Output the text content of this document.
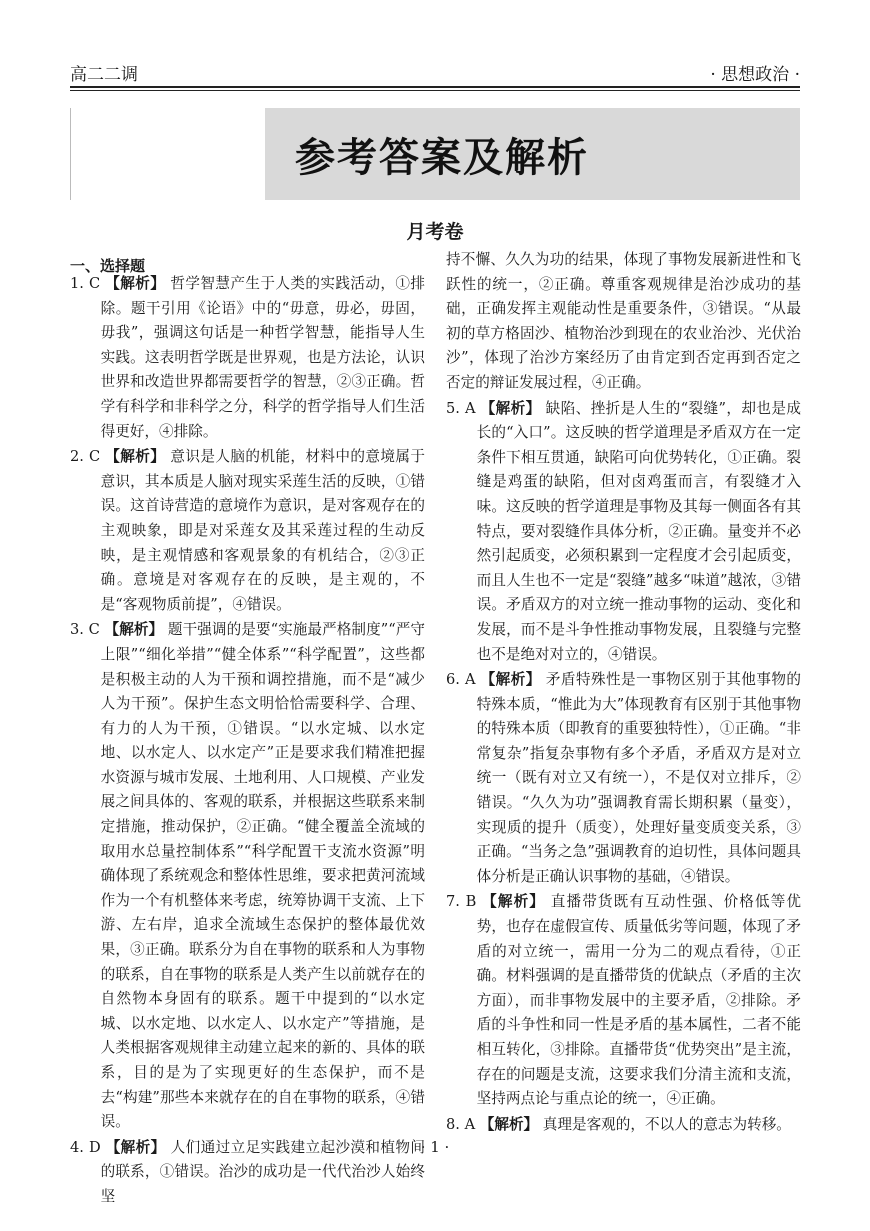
高二二调	· 思想政治 ·
参考答案及解析
月考卷
一、选择题

1. C 【解析】 哲学智慧产生于人类的实践活动，①排除。题干引用《论语》中的“毋意，毋必，毋固，毋我”，强调这句话是一种哲学智慧，能指导人生实践。这表明哲学既是世界观，也是方法论，认识世界和改造世界都需要哲学的智慧，②③正确。哲学有科学和非科学之分，科学的哲学指导人们生活得更好，④排除。

2. C 【解析】 意识是人脑的机能，材料中的意境属于意识，其本质是人脑对现实采莲生活的反映，①错误。这首诗营造的意境作为意识，是对客观存在的主观映象，即是对采莲女及其采莲过程的生动反映，是主观情感和客观景象的有机结合，②③正确。意境是对客观存在的反映，是主观的，不是“客观物质前提”，④错误。

3. C 【解析】 题干强调的是要“实施最严格制度”“严守上限”“细化举措”“健全体系”“科学配置”，这些都是积极主动的人为干预和调控措施，而不是“减少人为干预”。保护生态文明恰恰需要科学、合理、有力的人为干预，①错误。“以水定城、以水定地、以水定人、以水定产”正是要求我们精准把握水资源与城市发展、土地利用、人口规模、产业发展之间具体的、客观的联系，并根据这些联系来制定措施，推动保护，②正确。“健全覆盖全流域的取用水总量控制体系”“科学配置干支流水资源”明确体现了系统观念和整体性思维，要求把黄河流域作为一个有机整体来考虑，统筹协调干支流、上下游、左右岸，追求全流域生态保护的整体最优效果，③正确。联系分为自在事物的联系和人为事物的联系，自在事物的联系是人类产生以前就存在的自然物本身固有的联系。题干中提到的“以水定城、以水定地、以水定人、以水定产”等措施，是人类根据客观规律主动建立起来的新的、具体的联系，目的是为了实现更好的生态保护，而不是去“构建”那些本来就存在的自在事物的联系，④错误。

4. D 【解析】 人们通过立足实践建立起沙漠和植物间的联系，①错误。治沙的成功是一代代治沙人始终坚

持不懈、久久为功的结果，体现了事物发展新进性和飞跃性的统一，②正确。尊重客观规律是治沙成功的基础，正确发挥主观能动性是重要条件，③错误。“从最初的草方格固沙、植物治沙到现在的农业治沙、光伏治沙”，体现了治沙方案经历了由肯定到否定再到否定之否定的辩证发展过程，④正确。

5. A 【解析】 缺陷、挫折是人生的“裂缝”，却也是成长的“入口”。这反映的哲学道理是矛盾双方在一定条件下相互贯通，缺陷可向优势转化，①正确。裂缝是鸡蛋的缺陷，但对卤鸡蛋而言，有裂缝才入味。这反映的哲学道理是事物及其每一侧面各有其特点，要对裂缝作具体分析，②正确。量变并不必然引起质变，必须积累到一定程度才会引起质变，而且人生也不一定是“裂缝”越多“味道”越浓，③错误。矛盾双方的对立统一推动事物的运动、变化和发展，而不是斗争性推动事物发展，且裂缝与完整也不是绝对对立的，④错误。

6. A 【解析】 矛盾特殊性是一事物区别于其他事物的特殊本质，“惟此为大”体现教育有区别于其他事物的特殊本质（即教育的重要独特性），①正确。“非常复杂”指复杂事物有多个矛盾，矛盾双方是对立统一（既有对立又有统一），不是仅对立排斥，②错误。“久久为功”强调教育需长期积累（量变），实现质的提升（质变），处理好量变质变关系，③正确。“当务之急”强调教育的迫切性，具体问题具体分析是正确认识事物的基础，④错误。

7. B 【解析】 直播带货既有互动性强、价格低等优势，也存在虚假宣传、质量低劣等问题，体现了矛盾的对立统一，需用一分为二的观点看待，①正确。材料强调的是直播带货的优缺点（矛盾的主次方面），而非事物发展中的主要矛盾，②排除。矛盾的斗争性和同一性是矛盾的基本属性，二者不能相互转化，③排除。直播带货“优势突出”是主流，存在的问题是支流，这要求我们分清主流和支流，坚持两点论与重点论的统一，④正确。

8. A 【解析】 真理是客观的，不以人的意志为转移。

· 1 ·
